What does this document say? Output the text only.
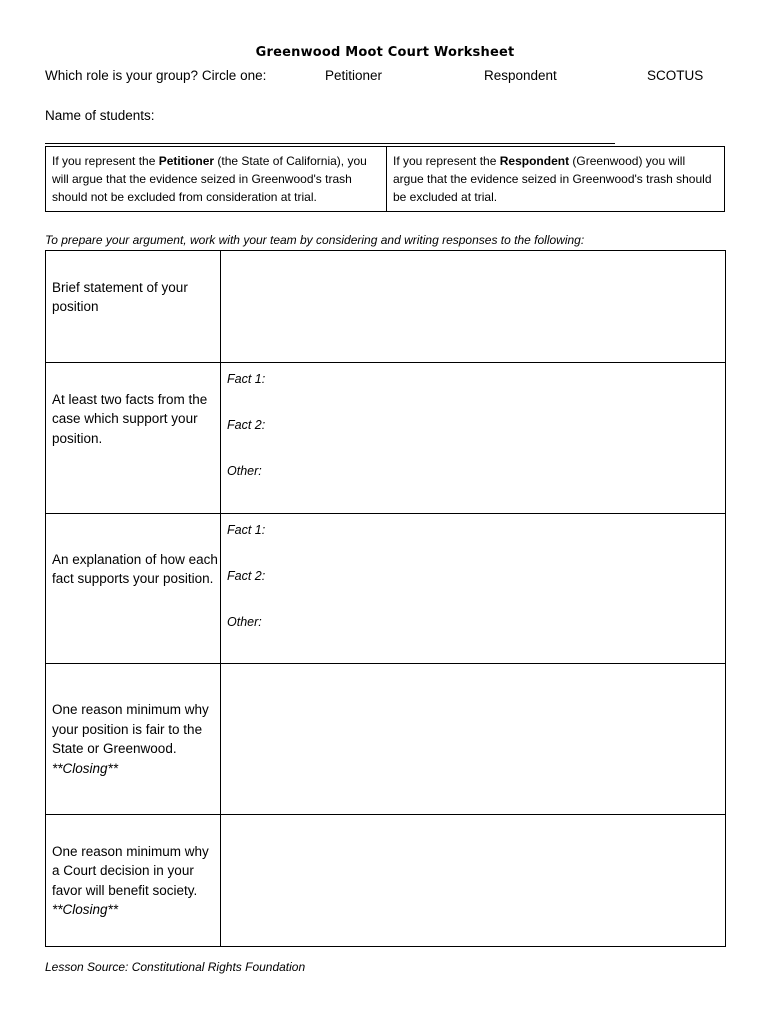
Greenwood Moot Court Worksheet
Which role is your group? Circle one:	Petitioner	Respondent	SCOTUS
Name of students:
If you represent the Petitioner (the State of California), you will argue that the evidence seized in Greenwood's trash should not be excluded from consideration at trial.
If you represent the Respondent (Greenwood) you will argue that the evidence seized in Greenwood's trash should be excluded at trial.
To prepare your argument, work with your team by considering and writing responses to the following:
Brief statement of your position	

At least two facts from the case which support your position.	Fact 1:
Fact 2:
Other:

An explanation of how each fact supports your position.	Fact 1:
Fact 2:
Other:

One reason minimum why your position is fair to the State or Greenwood.
**Closing**	

One reason minimum why a Court decision in your favor will benefit society.
**Closing**	

Lesson Source: Constitutional Rights Foundation
